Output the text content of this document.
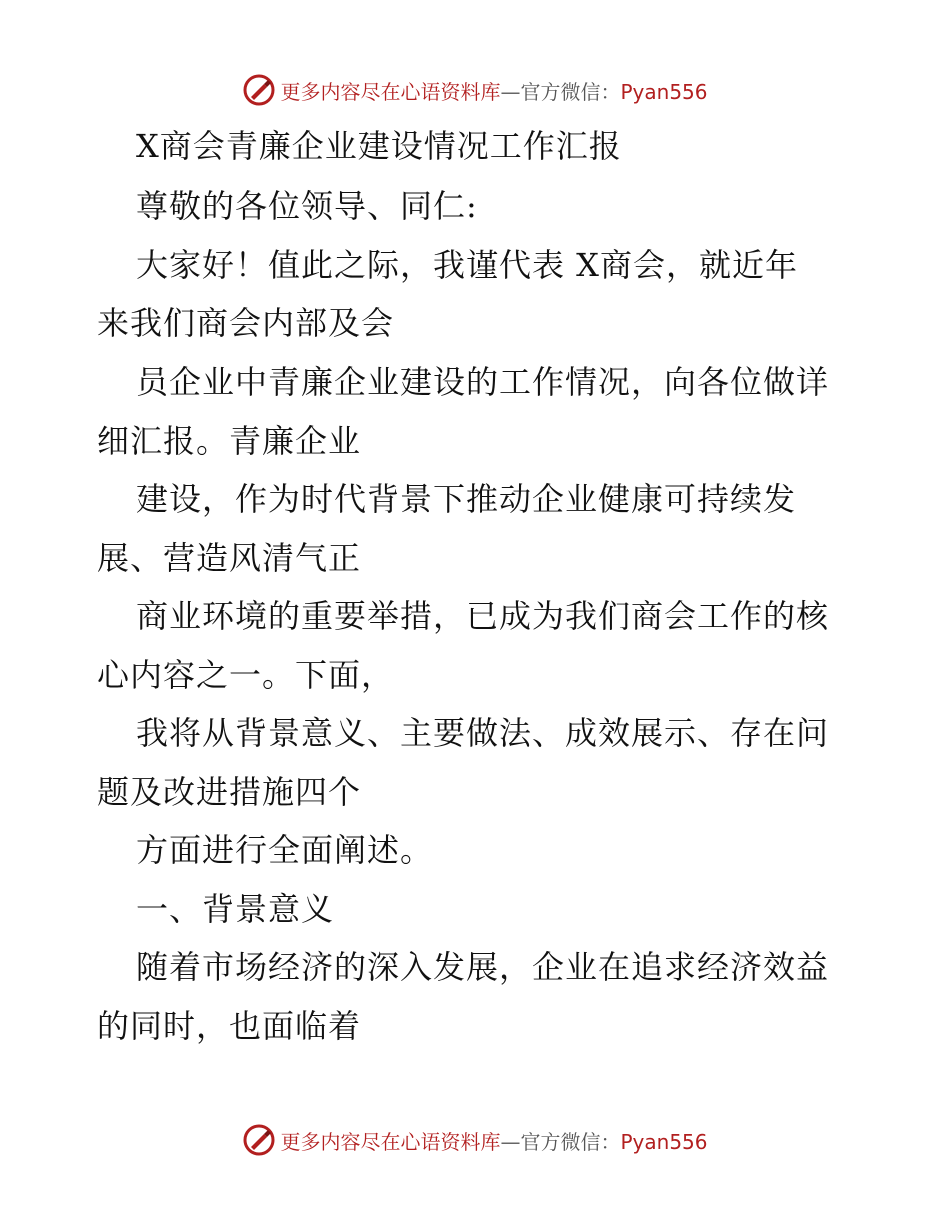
更多内容尽在心语资料库—官方微信：Pyan556
X商会青廉企业建设情况工作汇报
尊敬的各位领导、同仁:
大家好！值此之际，我谨代表 X商会，就近年
来我们商会内部及会
员企业中青廉企业建设的工作情况，向各位做详
细汇报。青廉企业
建设，作为时代背景下推动企业健康可持续发
展、营造风清气正
商业环境的重要举措，已成为我们商会工作的核
心内容之一。下面，
我将从背景意义、主要做法、成效展示、存在问
题及改进措施四个
方面进行全面阐述。
一、背景意义
随着市场经济的深入发展，企业在追求经济效益
的同时，也面临着
更多内容尽在心语资料库—官方微信：Pyan556
